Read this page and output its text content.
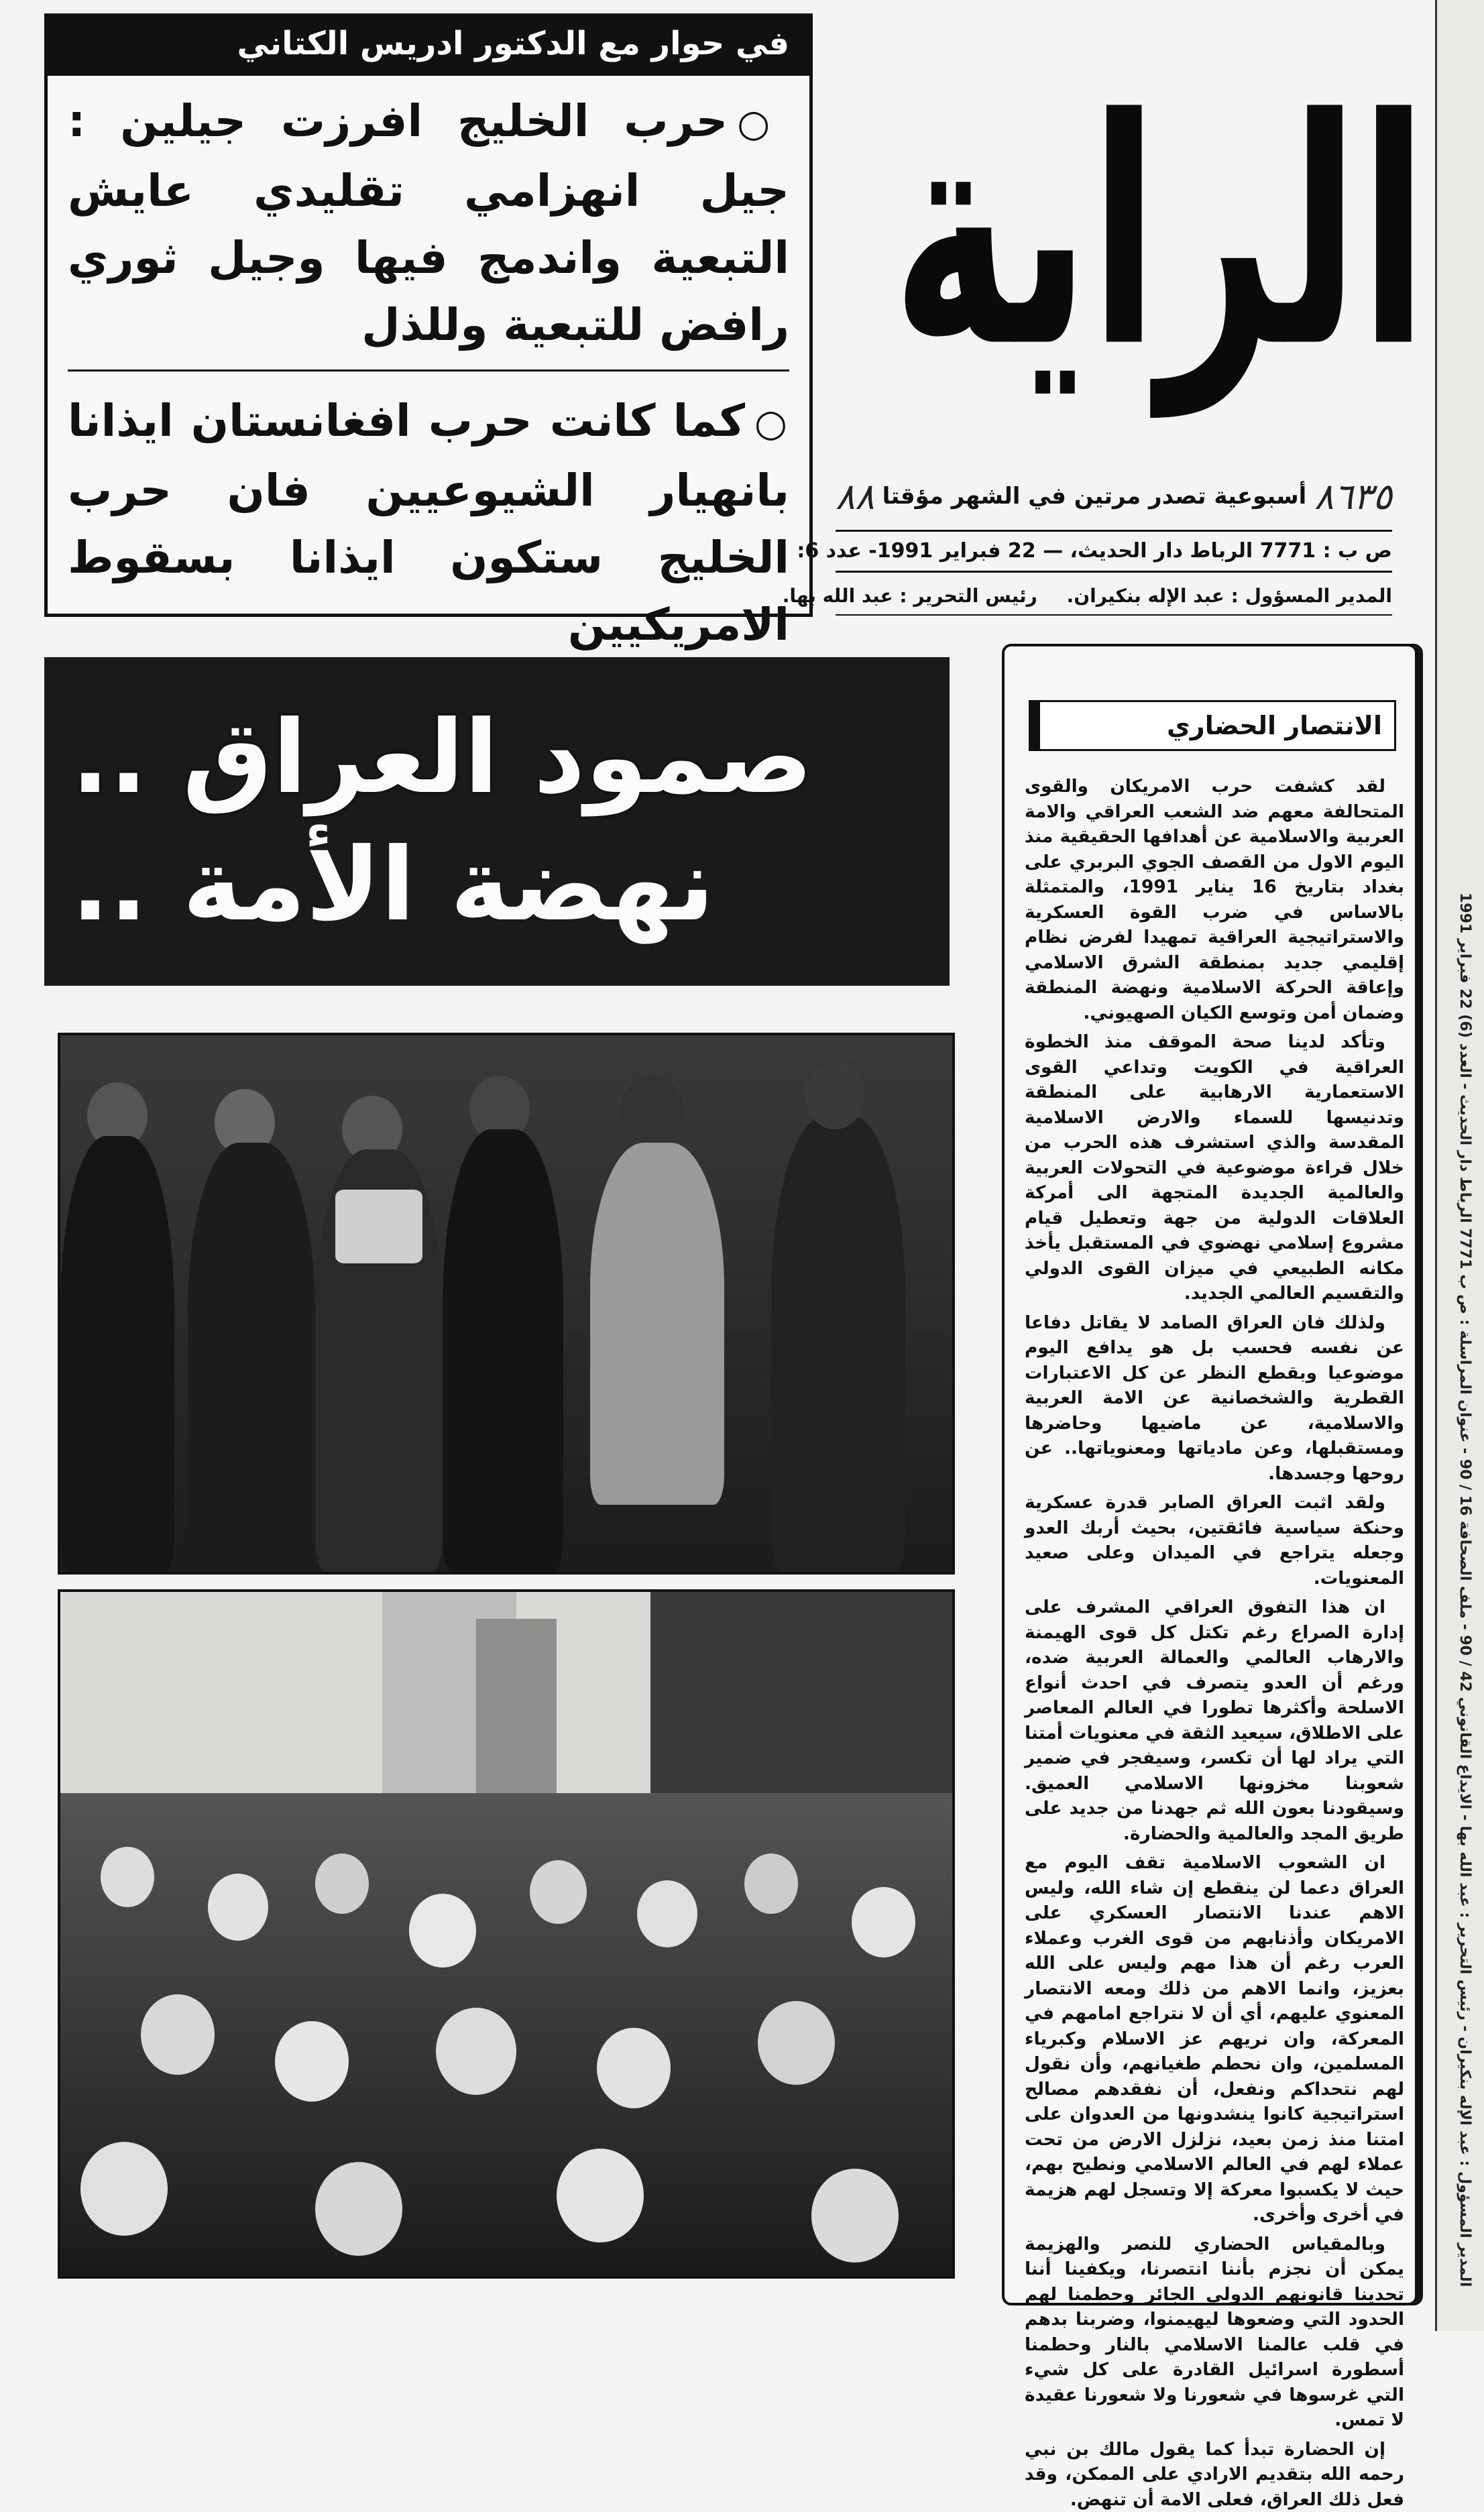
المدير المسؤول : عبد الإله بنكيران - رئيس التحرير : عبد الله بها - الايداع القانوني 42 / 90 - ملف الصحافة 16 / 90 - عنوان المراسلة : ص ب 7771 الرباط دار الحديث - العدد (6) 22 فبراير 1991
الراية
في حوار مع الدكتور ادريس الكتاني
○حرب الخليج افرزت جيلين : جيل انهزامي تقليدي عايش التبعية واندمج فيها وجيل ثوري رافض للتبعية وللذل
○كما كانت حرب افغانستان ايذانا بانهيار الشيوعيين فان حرب الخليج ستكون ايذانا بسقوط الامريكيين
٨٦٣٥
أسبوعية تصدر مرتين في الشهر مؤقتا
٨٨
ص ب : 7771 الرباط دار الحديث، — 22 فبراير 1991- عدد 6:
المدير المسؤول : عبد الإله بنكيران. رئيس التحرير : عبد الله بها.
صمود العراق ..
نهضة الأمة ..
الانتصار الحضاري

لقد كشفت حرب الامريكان والقوى المتحالفة معهم ضد الشعب العراقي والامة العربية والاسلامية عن أهدافها الحقيقية منذ اليوم الاول من القصف الجوي البربري على بغداد بتاريخ 16 يناير 1991، والمتمثلة بالاساس في ضرب القوة العسكرية والاستراتيجية العراقية تمهيدا لفرض نظام إقليمي جديد بمنطقة الشرق الاسلامي وإعاقة الحركة الاسلامية ونهضة المنطقة وضمان أمن وتوسع الكيان الصهيوني.

وتأكد لدينا صحة الموقف منذ الخطوة العراقية في الكويت وتداعي القوى الاستعمارية الارهابية على المنطقة وتدنيسها للسماء والارض الاسلامية المقدسة والذي استشرف هذه الحرب من خلال قراءة موضوعية في التحولات العربية والعالمية الجديدة المتجهة الى أمركة العلاقات الدولية من جهة وتعطيل قيام مشروع إسلامي نهضوي في المستقبل يأخذ مكانه الطبيعي في ميزان القوى الدولي والتقسيم العالمي الجديد.

ولذلك فان العراق الصامد لا يقاتل دفاعا عن نفسه فحسب بل هو يدافع اليوم موضوعيا وبقطع النظر عن كل الاعتبارات القطرية والشخصانية عن الامة العربية والاسلامية، عن ماضيها وحاضرها ومستقبلها، وعن مادياتها ومعنوياتها.. عن روحها وجسدها.

ولقد اثبت العراق الصابر قدرة عسكرية وحنكة سياسية فائقتين، بحيث أربك العدو وجعله يتراجع في الميدان وعلى صعيد المعنويات.

ان هذا التفوق العراقي المشرف على إدارة الصراع رغم تكتل كل قوى الهيمنة والارهاب العالمي والعمالة العربية ضده، ورغم أن العدو يتصرف في احدث أنواع الاسلحة وأكثرها تطورا في العالم المعاصر على الاطلاق، سيعيد الثقة في معنويات أمتنا التي يراد لها أن تكسر، وسيفجر في ضمير شعوبنا مخزونها الاسلامي العميق. وسيقودنا بعون الله ثم جهدنا من جديد على طريق المجد والعالمية والحضارة.

ان الشعوب الاسلامية تقف اليوم مع العراق دعما لن ينقطع إن شاء الله، وليس الاهم عندنا الانتصار العسكري على الامريكان وأذنابهم من قوى الغرب وعملاء العرب رغم أن هذا مهم وليس على الله بعزيز، وانما الاهم من ذلك ومعه الانتصار المعنوي عليهم، أي أن لا نتراجع امامهم في المعركة، وان نريهم عز الاسلام وكبرياء المسلمين، وان نحطم طغيانهم، وأن نقول لهم نتحداكم ونفعل، أن نفقدهم مصالح استراتيجية كانوا ينشدونها من العدوان على امتنا منذ زمن بعيد، نزلزل الارض من تحت عملاء لهم في العالم الاسلامي ونطيح بهم، حيث لا يكسبوا معركة إلا وتسجل لهم هزيمة في أخرى وأخرى.

وبالمقياس الحضاري للنصر والهزيمة يمكن أن نجزم بأننا انتصرنا، ويكفينا أننا تحدينا قانونهم الدولي الجائر وحطمنا لهم الحدود التي وضعوها ليهيمنوا، وضربنا بدهم في قلب عالمنا الاسلامي بالنار وحطمنا أسطورة اسرائيل القادرة على كل شيء التي غرسوها في شعورنا ولا شعورنا عقيدة لا تمس.

إن الحضارة تبدأ كما يقول مالك بن نبي رحمه الله بتقديم الارادي على الممكن، وقد فعل ذلك العراق، فعلى الامة أن تنهض.
